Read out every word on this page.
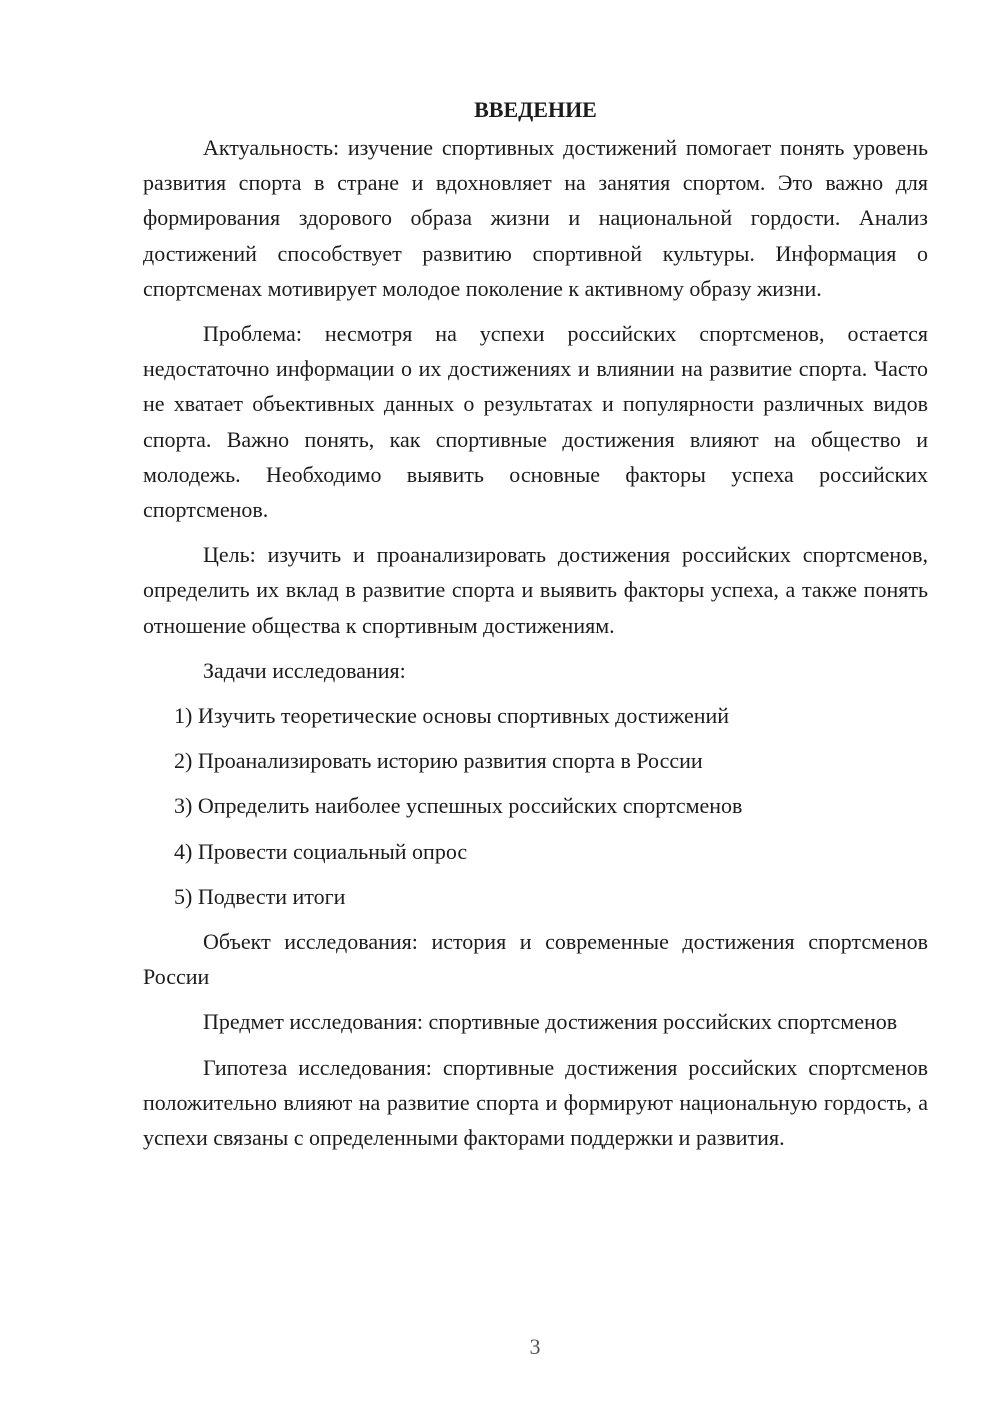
ВВЕДЕНИЕ

Актуальность: изучение спортивных достижений помогает понять уровень развития спорта в стране и вдохновляет на занятия спортом. Это важно для формирования здорового образа жизни и национальной гордости. Анализ достижений способствует развитию спортивной культуры. Информация о спортсменах мотивирует молодое поколение к активному образу жизни.

Проблема: несмотря на успехи российских спортсменов, остается недостаточно информации о их достижениях и влиянии на развитие спорта. Часто не хватает объективных данных о результатах и популярности различных видов спорта. Важно понять, как спортивные достижения влияют на общество и молодежь. Необходимо выявить основные факторы успеха российских спортсменов.

Цель: изучить и проанализировать достижения российских спортсменов, определить их вклад в развитие спорта и выявить факторы успеха, а также понять отношение общества к спортивным достижениям.

Задачи исследования:

1) Изучить теоретические основы спортивных достижений
2) Проанализировать историю развития спорта в России
3) Определить наиболее успешных российских спортсменов
4) Провести социальный опрос
5) Подвести итоги

Объект исследования: история и современные достижения спортсменов России

Предмет исследования: спортивные достижения российских спортсменов

Гипотеза исследования: спортивные достижения российских спортсменов положительно влияют на развитие спорта и формируют национальную гордость, а успехи связаны с определенными факторами поддержки и развития.

3
